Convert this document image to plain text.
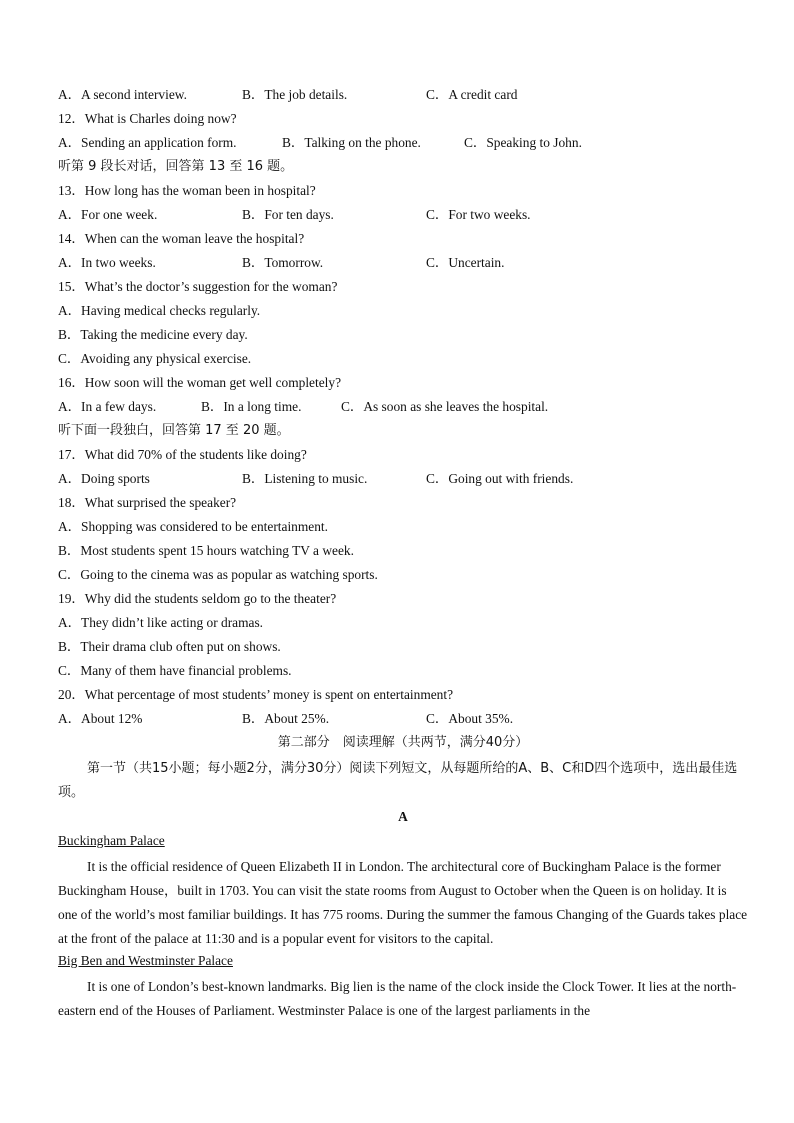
A．A second interview.	B．The job details.	C．A credit card
12．What is Charles doing now?
A．Sending an application form.	B．Talking on the phone.	C．Speaking to John.
听第 9 段长对话，回答第 13 至 16 题。
13．How long has the woman been in hospital?
A．For one week.	B．For ten days.	C．For two weeks.
14．When can the woman leave the hospital?
A．In two weeks.	B．Tomorrow.	C．Uncertain.
15．What’s the doctor’s suggestion for the woman?
A．Having medical checks regularly.
B．Taking the medicine every day.
C．Avoiding any physical exercise.
16．How soon will the woman get well completely?
A．In a few days.	B．In a long time.	C．As soon as she leaves the hospital.
听下面一段独白，回答第 17 至 20 题。
17．What did 70% of the students like doing?
A．Doing sports	B．Listening to music.	C．Going out with friends.
18．What surprised the speaker?
A．Shopping was considered to be entertainment.
B．Most students spent 15 hours watching TV a week.
C．Going to the cinema was as popular as watching sports.
19．Why did the students seldom go to the theater?
A．They didn’t like acting or dramas.
B．Their drama club often put on shows.
C．Many of them have financial problems.
20．What percentage of most students’ money is spent on entertainment?
A．About 12%	B．About 25%.	C．About 35%.
第二部分　阅读理解（共两节，满分40分）

第一节（共15小题；每小题2分，满分30分）阅读下列短文，从每题所给的A、B、C和D四个选项中，选出最佳选项。

A
Buckingham Palace

It is the official residence of Queen Elizabeth II in London. The architectural core of Buckingham Palace is the former Buckingham House，built in 1703. You can visit the state rooms from August to October when the Queen is on holiday. It is one of the world’s most familiar buildings. It has 775 rooms. During the summer the famous Changing of the Guards takes place at the front of the palace at 11:30 and is a popular event for visitors to the capital.

Big Ben and Westminster Palace

It is one of London’s best-known landmarks. Big lien is the name of the clock inside the Clock Tower. It lies at the north-eastern end of the Houses of Parliament. Westminster Palace is one of the largest parliaments in the
